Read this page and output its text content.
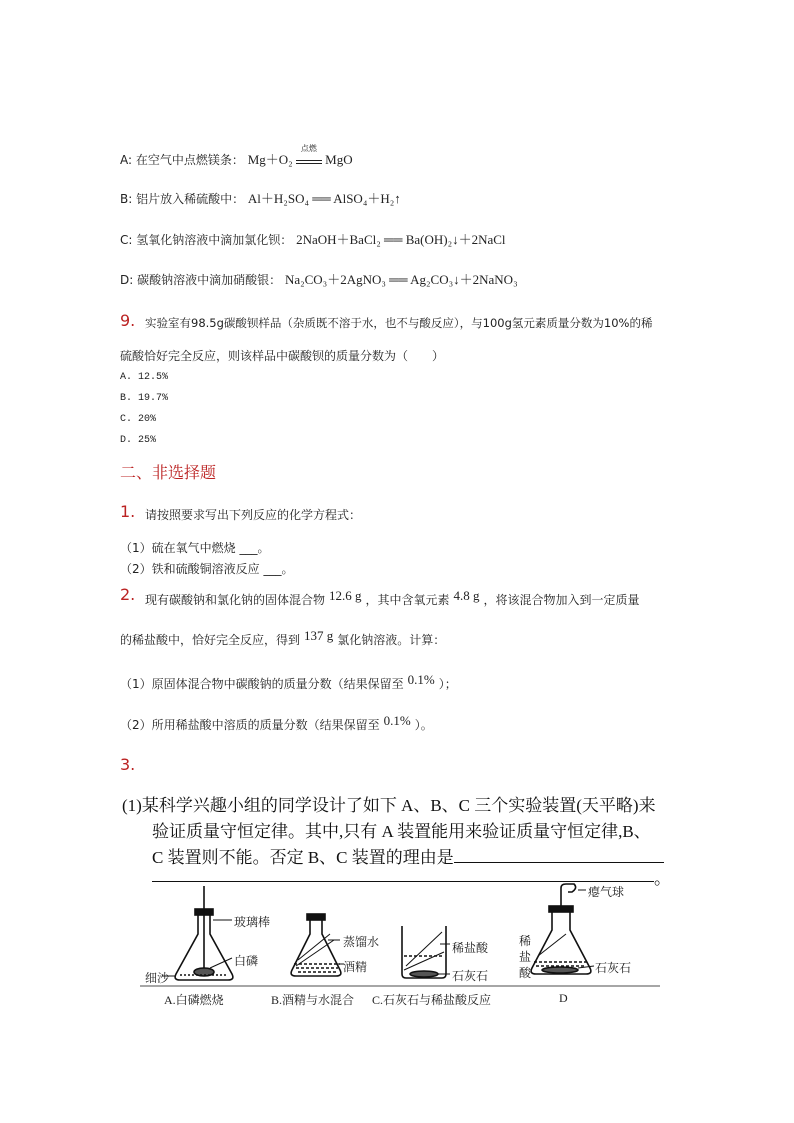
A: 在空气中点燃镁条： Mg＋O₂
点燃
MgO
B: 铝片放入稀硫酸中： Al＋H₂SO₄ ══ AlSO₄＋H₂↑
C: 氢氧化钠溶液中滴加氯化钡： 2NaOH＋BaCl₂ ══ Ba(OH)₂↓＋2NaCl
D: 碳酸钠溶液中滴加硝酸银： Na₂CO₃＋2AgNO₃ ══ Ag₂CO₃↓＋2NaNO₃
9. 实验室有98.5g碳酸钡样品（杂质既不溶于水，也不与酸反应），与100g氢元素质量分数为10%的稀
硫酸恰好完全反应，则该样品中碳酸钡的质量分数为（　　）
A. 12.5%
B. 19.7%
C. 20%
D. 25%
二、非选择题
1. 请按照要求写出下列反应的化学方程式：
（1）硫在氧气中燃烧 ___。
（2）铁和硫酸铜溶液反应 ___。
2. 现有碳酸钠和氯化钠的固体混合物 12.6 g ，其中含氧元素 4.8 g ，将该混合物加入到一定质量
的稀盐酸中，恰好完全反应，得到 137 g 氯化钠溶液。计算：
（1）原固体混合物中碳酸钠的质量分数（结果保留至 0.1% ）；
（2）所用稀盐酸中溶质的质量分数（结果保留至 0.1% ）。
3.
(1)某科学兴趣小组的同学设计了如下 A、B、C 三个实验装置(天平略)来
验证质量守恒定律。其中,只有 A 装置能用来验证质量守恒定律,B、
C 装置则不能。否定 B、C 装置的理由是
。
玻璃棒
白磷
细沙
蒸馏水
酒精
稀盐酸
石灰石
瘪气球
稀
盐
酸	石灰石
A.白磷燃烧	B.酒精与水混合 C.石灰石与稀盐酸反应	D
